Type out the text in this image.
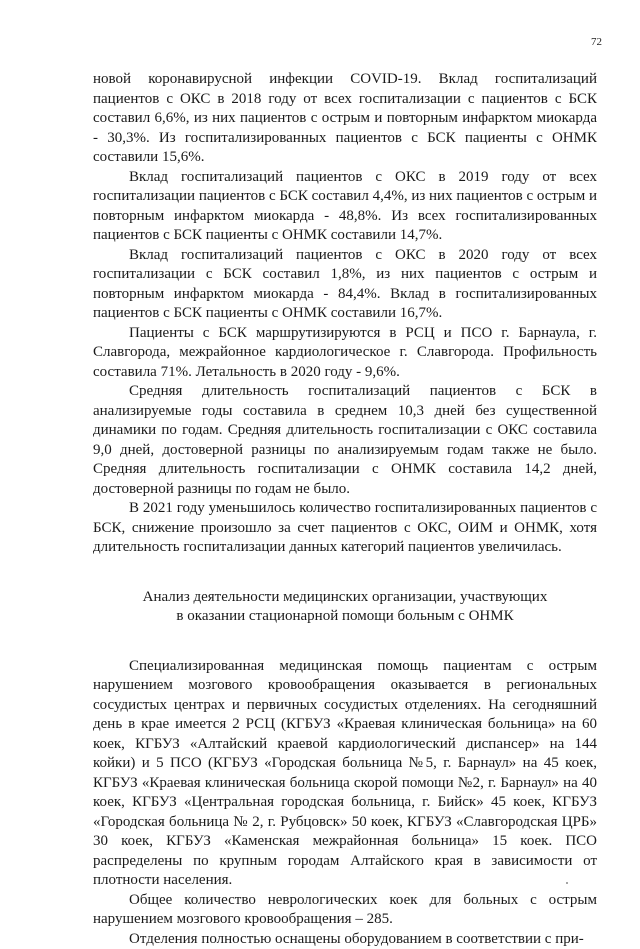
72

новой коронавирусной инфекции COVID-19. Вклад госпитализаций пациентов с ОКС в 2018 году от всех госпитализации с пациентов с БСК составил 6,6%, из них пациентов с острым и повторным инфарктом миокарда - 30,3%. Из госпитализированных пациентов с БСК пациенты с ОНМК составили 15,6%.

Вклад госпитализаций пациентов с ОКС в 2019 году от всех госпитализации пациентов с БСК составил 4,4%, из них пациентов с острым и повторным инфарктом миокарда - 48,8%. Из всех госпитализированных пациентов с БСК пациенты с ОНМК составили 14,7%.

Вклад госпитализаций пациентов с ОКС в 2020 году от всех госпитализации с БСК составил 1,8%, из них пациентов с острым и повторным инфарктом миокарда - 84,4%. Вклад в госпитализированных пациентов с БСК пациенты с ОНМК составили 16,7%.

Пациенты с БСК маршрутизируются в РСЦ и ПСО г. Барнаула, г. Славгорода, межрайонное кардиологическое г. Славгорода. Профильность составила 71%. Летальность в 2020 году - 9,6%.

Средняя длительность госпитализаций пациентов с БСК в анализируемые годы составила в среднем 10,3 дней без существенной динамики по годам. Средняя длительность госпитализации с ОКС составила 9,0 дней, достоверной разницы по анализируемым годам также не было. Средняя длительность госпитализации с ОНМК составила 14,2 дней, достоверной разницы по годам не было.

В 2021 году уменьшилось количество госпитализированных пациентов с БСК, снижение произошло за счет пациентов с ОКС, ОИМ и ОНМК, хотя длительность госпитализации данных категорий пациентов увеличилась.

Анализ деятельности медицинских организации, участвующих
в оказании стационарной помощи больным с ОНМК

Специализированная медицинская помощь пациентам с острым нарушением мозгового кровообращения оказывается в региональных сосудистых центрах и первичных сосудистых отделениях. На сегодняшний день в крае имеется 2 РСЦ (КГБУЗ «Краевая клиническая больница» на 60 коек, КГБУЗ «Алтайский краевой кардиологический диспансер» на 144 койки) и 5 ПСО (КГБУЗ «Городская больница №5, г. Барнаул» на 45 коек, КГБУЗ «Краевая клиническая больница скорой помощи №2, г. Барнаул» на 40 коек, КГБУЗ «Центральная городская больница, г. Бийск» 45 коек, КГБУЗ «Городская больница № 2, г. Рубцовск» 50 коек, КГБУЗ «Славгородская ЦРБ» 30 коек, КГБУЗ «Каменская межрайонная больница» 15 коек. ПСО распределены по крупным городам Алтайского края в зависимости от плотности населения.

Общее количество неврологических коек для больных с острым нарушением мозгового кровообращения – 285.

Отделения полностью оснащены оборудованием в соответствии с при-
